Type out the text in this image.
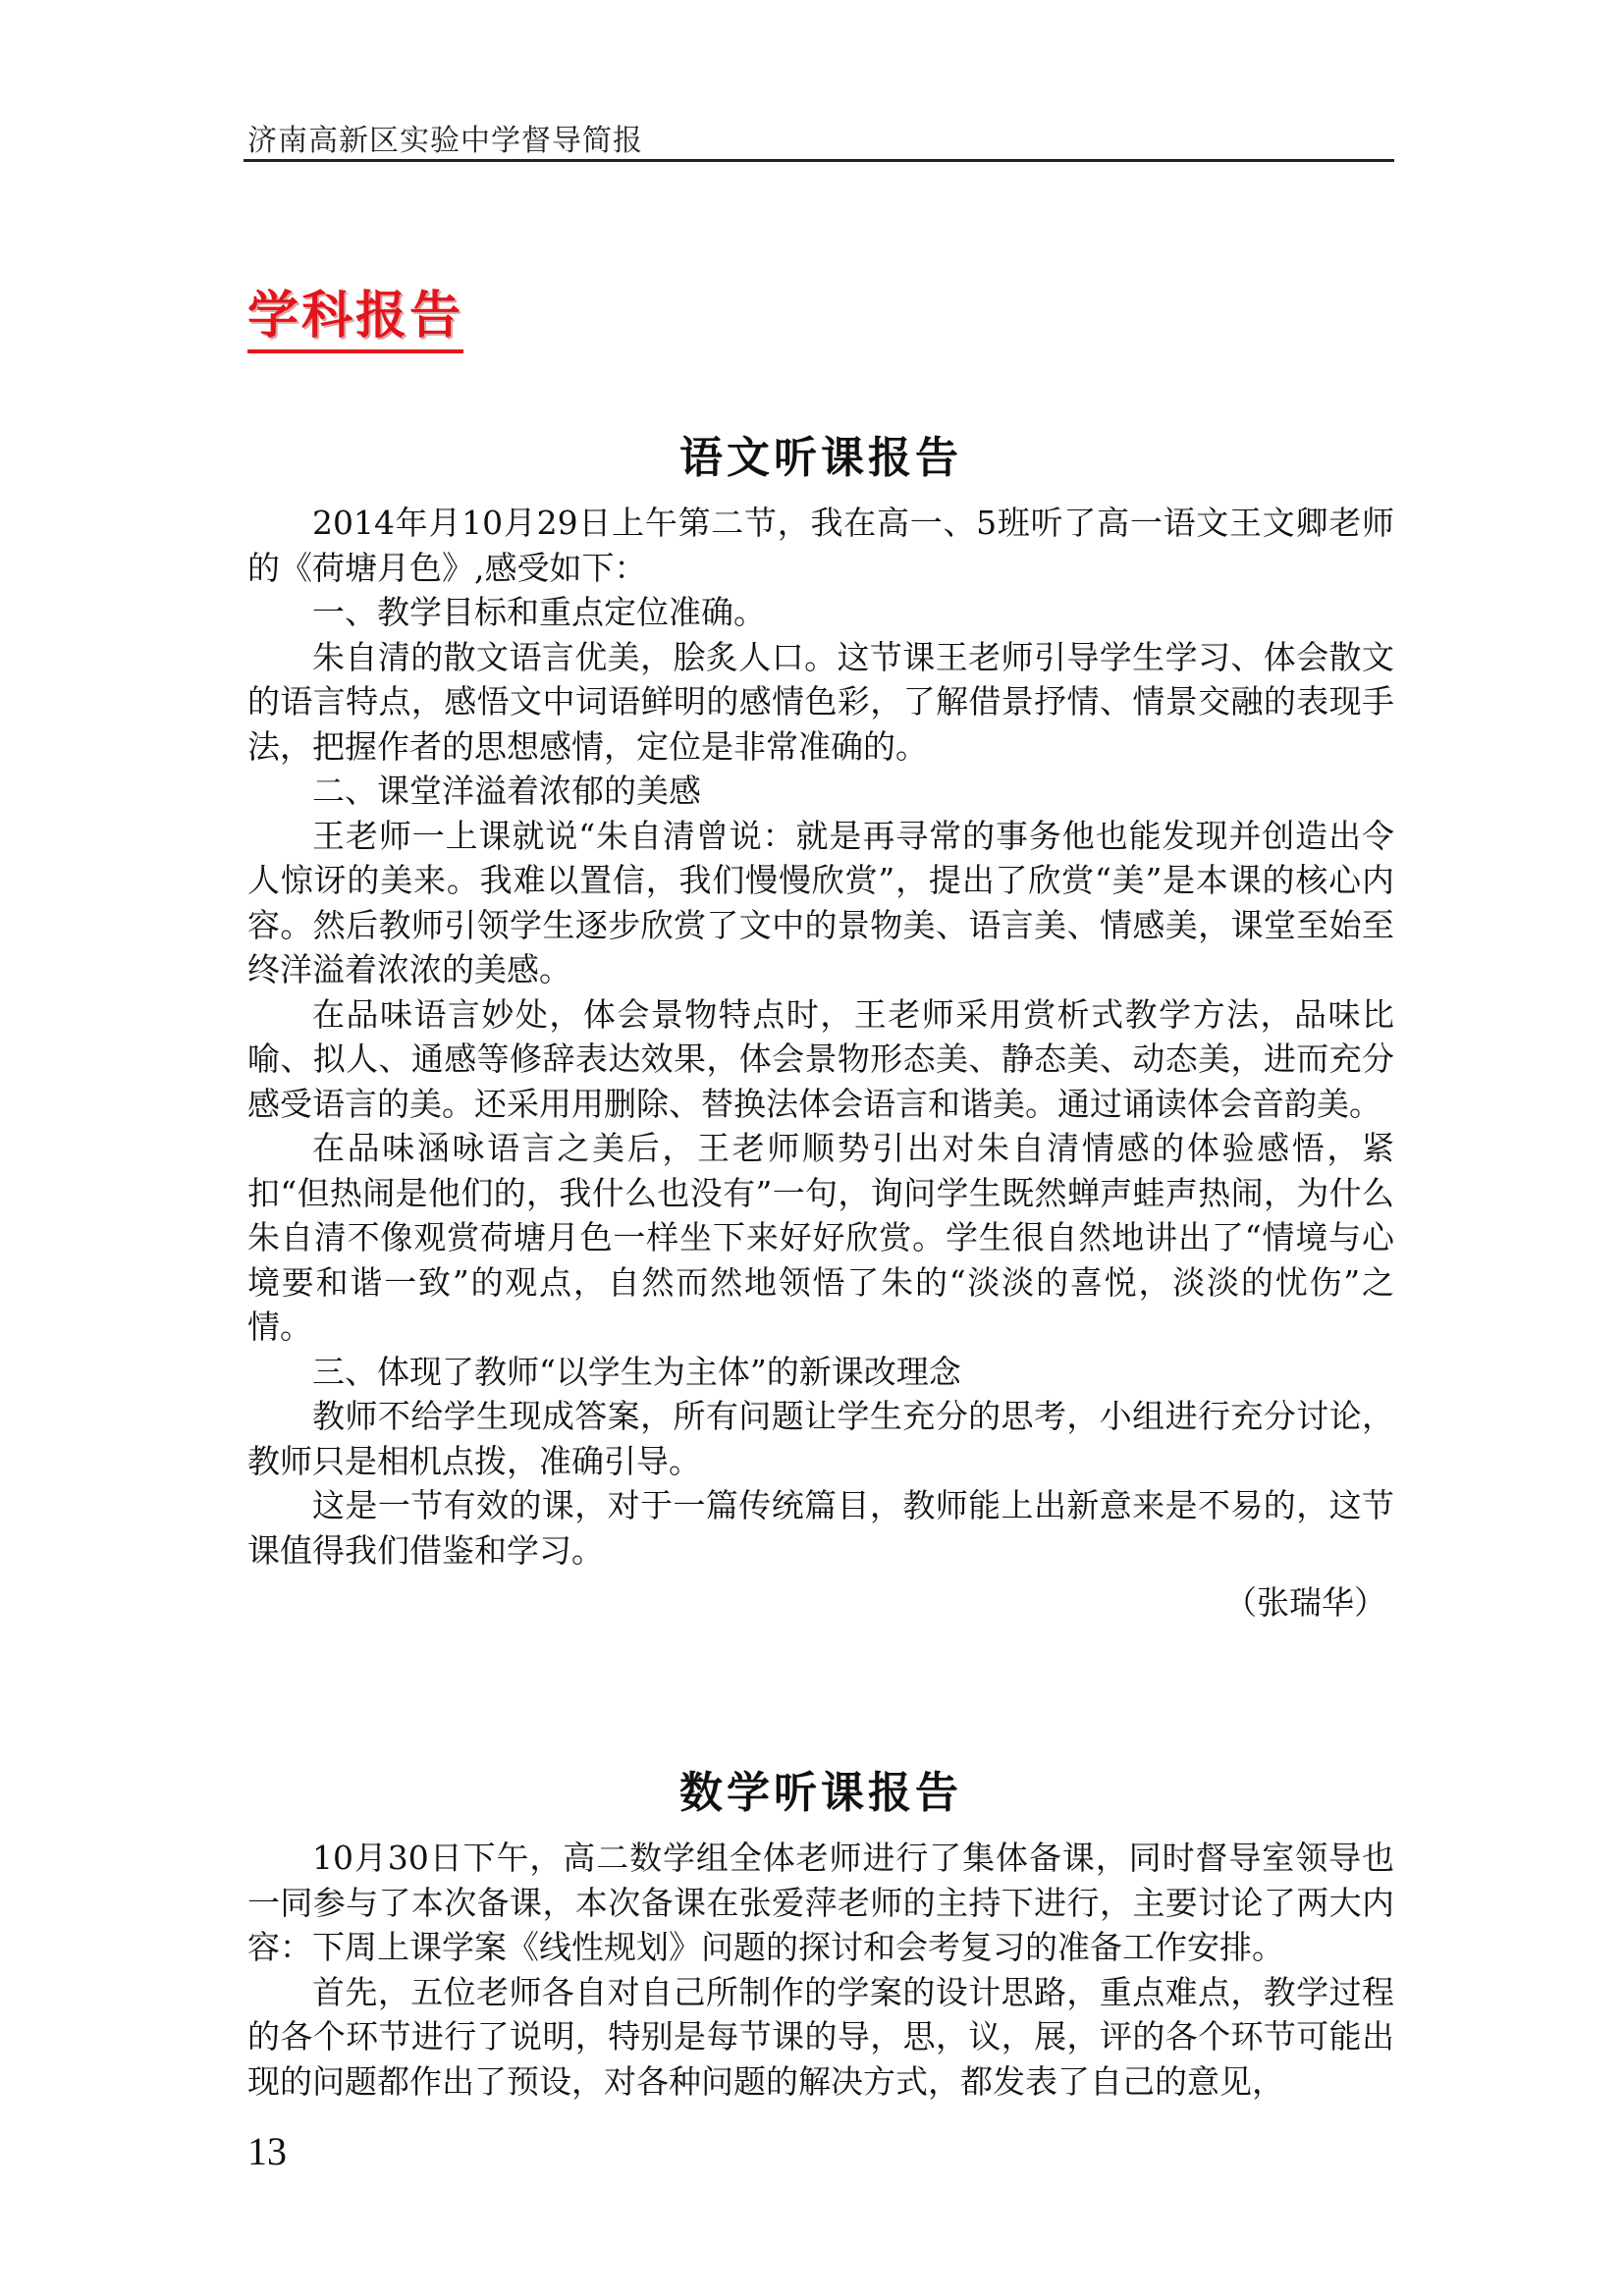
济南高新区实验中学督导简报
学科报告
语文听课报告

2014年月10月29日上午第二节，我在高一、5班听了高一语文王文卿老师的《荷塘月色》,感受如下：

一、教学目标和重点定位准确。

朱自清的散文语言优美，脍炙人口。这节课王老师引导学生学习、体会散文的语言特点，感悟文中词语鲜明的感情色彩，了解借景抒情、情景交融的表现手法，把握作者的思想感情，定位是非常准确的。

二、课堂洋溢着浓郁的美感

王老师一上课就说“朱自清曾说：就是再寻常的事务他也能发现并创造出令人惊讶的美来。我难以置信，我们慢慢欣赏”，提出了欣赏“美”是本课的核心内容。然后教师引领学生逐步欣赏了文中的景物美、语言美、情感美，课堂至始至终洋溢着浓浓的美感。

在品味语言妙处，体会景物特点时，王老师采用赏析式教学方法，品味比喻、拟人、通感等修辞表达效果，体会景物形态美、静态美、动态美，进而充分感受语言的美。还采用用删除、替换法体会语言和谐美。通过诵读体会音韵美。

在品味涵咏语言之美后，王老师顺势引出对朱自清情感的体验感悟，紧扣“但热闹是他们的，我什么也没有”一句，询问学生既然蝉声蛙声热闹，为什么朱自清不像观赏荷塘月色一样坐下来好好欣赏。学生很自然地讲出了“情境与心境要和谐一致”的观点，自然而然地领悟了朱的“淡淡的喜悦，淡淡的忧伤”之情。

三、体现了教师“以学生为主体”的新课改理念

教师不给学生现成答案，所有问题让学生充分的思考，小组进行充分讨论，教师只是相机点拨，准确引导。

这是一节有效的课，对于一篇传统篇目，教师能上出新意来是不易的，这节课值得我们借鉴和学习。

（张瑞华）

数学听课报告

10月30日下午，高二数学组全体老师进行了集体备课，同时督导室领导也一同参与了本次备课，本次备课在张爱萍老师的主持下进行，主要讨论了两大内容：下周上课学案《线性规划》问题的探讨和会考复习的准备工作安排。

首先，五位老师各自对自己所制作的学案的设计思路，重点难点，教学过程的各个环节进行了说明，特别是每节课的导，思，议，展，评的各个环节可能出现的问题都作出了预设，对各种问题的解决方式，都发表了自己的意见，

13
